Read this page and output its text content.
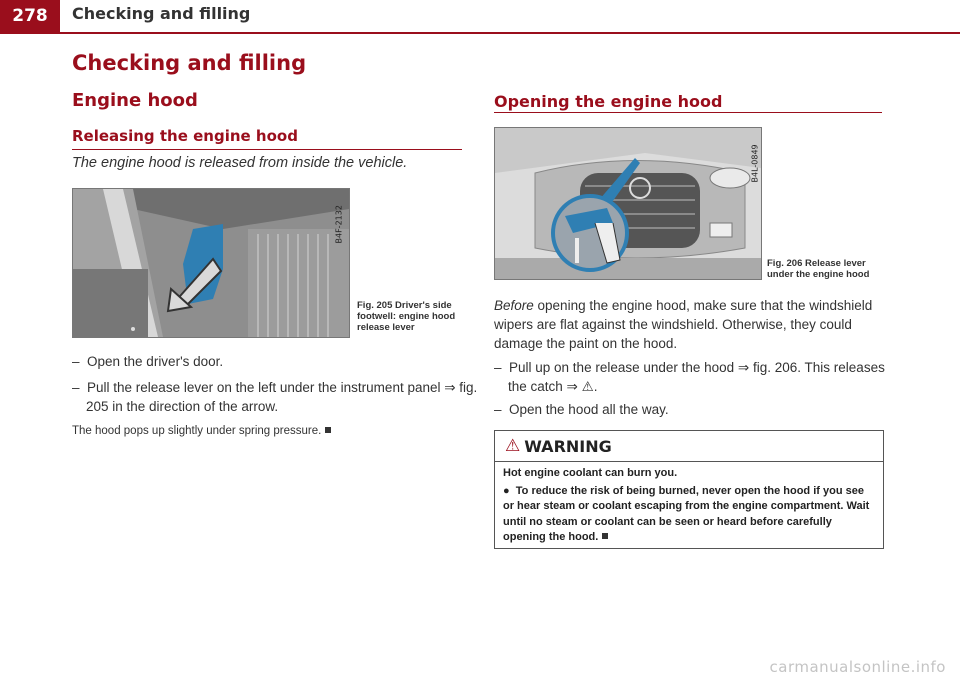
278	Checking and filling
Checking and filling
Engine hood
Releasing the engine hood
The engine hood is released from inside the vehicle.
B4F-2132
Fig. 205 Driver's side
footwell: engine hood
release lever
–  Open the driver's door.
–  Pull the release lever on the left under the instrument panel ⇒ fig. 205 in the direction of the arrow.
The hood pops up slightly under spring pressure.
Opening the engine hood
B4L-0849
Fig. 206 Release lever
under the engine hood
Before opening the engine hood, make sure that the windshield wipers are flat against the windshield. Otherwise, they could damage the paint on the hood.
–  Pull up on the release under the hood ⇒ fig. 206. This releases the catch ⇒ ⚠.
–  Open the hood all the way.
⚠ WARNING

Hot engine coolant can burn you.

●  To reduce the risk of being burned, never open the hood if you see or hear steam or coolant escaping from the engine compartment. Wait until no steam or coolant can be seen or heard before carefully opening the hood.

carmanualsonline.info
